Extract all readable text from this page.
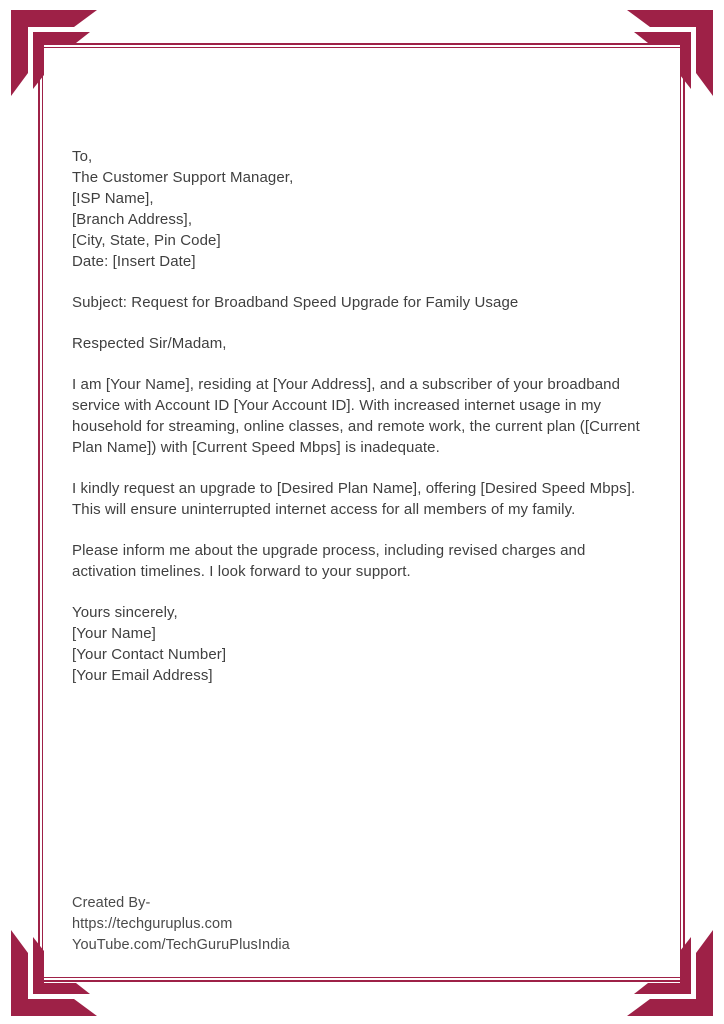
To,
The Customer Support Manager,
[ISP Name],
[Branch Address],
[City, State, Pin Code]
Date: [Insert Date]
Subject: Request for Broadband Speed Upgrade for Family Usage
Respected Sir/Madam,
I am [Your Name], residing at [Your Address], and a subscriber of your broadband service with Account ID [Your Account ID]. With increased internet usage in my household for streaming, online classes, and remote work, the current plan ([Current Plan Name]) with [Current Speed Mbps] is inadequate.
I kindly request an upgrade to [Desired Plan Name], offering [Desired Speed Mbps]. This will ensure uninterrupted internet access for all members of my family.
Please inform me about the upgrade process, including revised charges and activation timelines. I look forward to your support.
Yours sincerely,
[Your Name]
[Your Contact Number]
[Your Email Address]
Created By-
https://techguruplus.com
YouTube.com/TechGuruPlusIndia
